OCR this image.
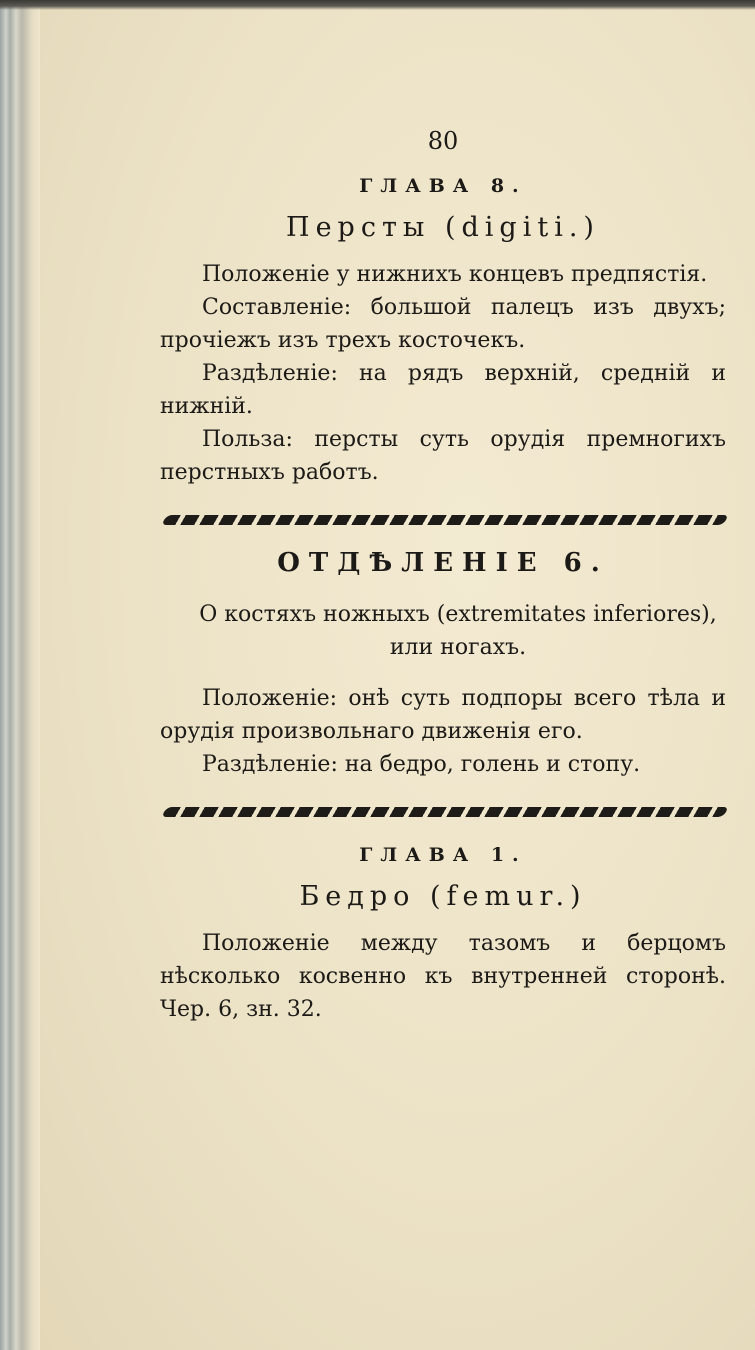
80
ГЛАВА 8.
Персты (digiti.)

Положеніе у нижнихъ концевъ предпястія.

Составленіе: большой палецъ изъ двухъ; прочіежъ изъ трехъ косточекъ.

Раздѣленіе: на рядъ верхній, средній и нижній.

Польза: персты суть орудія премногихъ перстныхъ работъ.

ОТДѢЛЕНІЕ 6.
О костяхъ ножныхъ (extremitates inferiores), или ногахъ.

Положеніе: онѣ суть подпоры всего тѣла и орудія произвольнаго движенія его.

Раздѣленіе: на бедро, голень и стопу.

ГЛАВА 1.
Бедро (femur.)

Положеніе между тазомъ и берцомъ нѣсколько косвенно къ внутренней сторонѣ. Чер. 6, зн. 32.
